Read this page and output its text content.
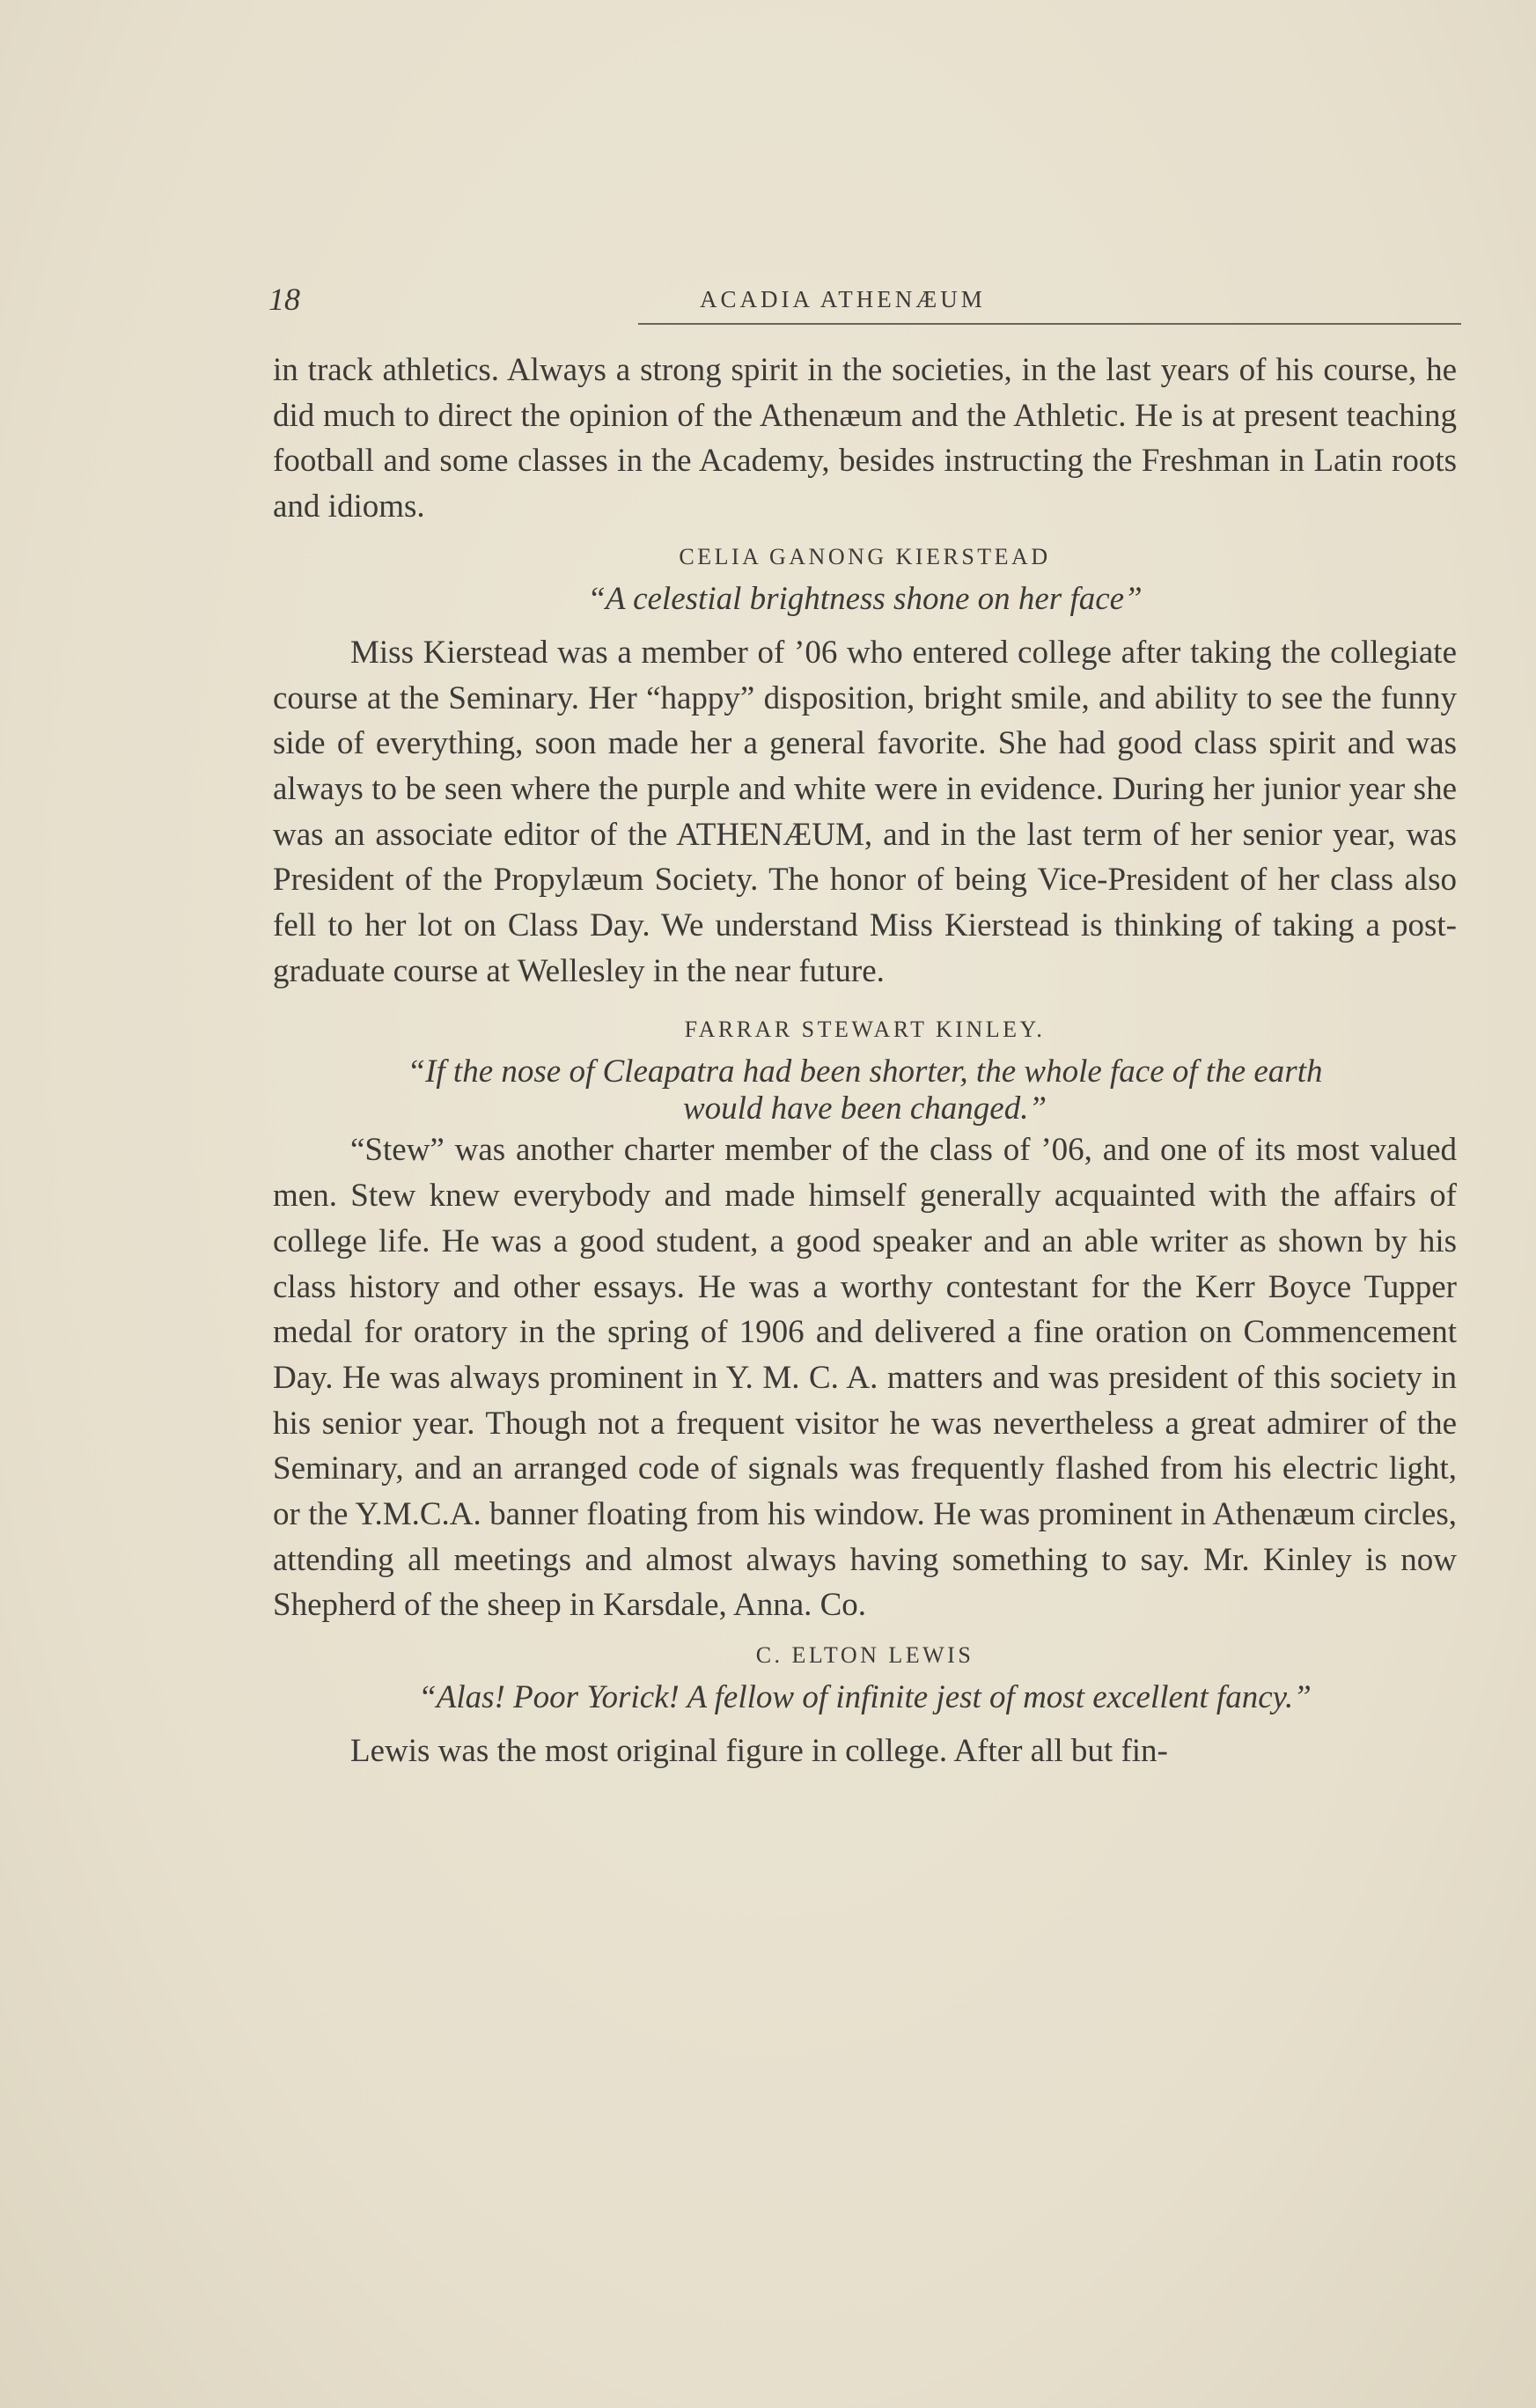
18	ACADIA ATHENÆUM
in track athletics. Always a strong spirit in the societies, in the last years of his course, he did much to direct the opinion of the Athenæum and the Athletic. He is at present teaching football and some classes in the Academy, besides instructing the Freshman in Latin roots and idioms.
CELIA GANONG KIERSTEAD
“A celestial brightness shone on her face”
Miss Kierstead was a member of ’06 who entered college after taking the collegiate course at the Seminary. Her “happy” disposition, bright smile, and ability to see the funny side of everything, soon made her a general favorite. She had good class spirit and was always to be seen where the purple and white were in evidence. During her junior year she was an associate editor of the ATHENÆUM, and in the last term of her senior year, was President of the Propylæum Society. The honor of being Vice-President of her class also fell to her lot on Class Day. We understand Miss Kierstead is thinking of taking a post-graduate course at Wellesley in the near future.
FARRAR STEWART KINLEY.
“If the nose of Cleapatra had been shorter, the whole face of the earth
would have been changed.”
“Stew” was another charter member of the class of ’06, and one of its most valued men. Stew knew everybody and made himself generally acquainted with the affairs of college life. He was a good student, a good speaker and an able writer as shown by his class history and other essays. He was a worthy contestant for the Kerr Boyce Tupper medal for oratory in the spring of 1906 and delivered a fine oration on Commencement Day. He was always prominent in Y. M. C. A. matters and was president of this society in his senior year. Though not a frequent visitor he was nevertheless a great admirer of the Seminary, and an arranged code of signals was frequently flashed from his electric light, or the Y.M.C.A. banner floating from his window. He was prominent in Athenæum circles, attending all meetings and almost always having something to say. Mr. Kinley is now Shepherd of the sheep in Karsdale, Anna. Co.
C. ELTON LEWIS
“Alas! Poor Yorick! A fellow of infinite jest of most excellent fancy.”
Lewis was the most original figure in college. After all but fin-
